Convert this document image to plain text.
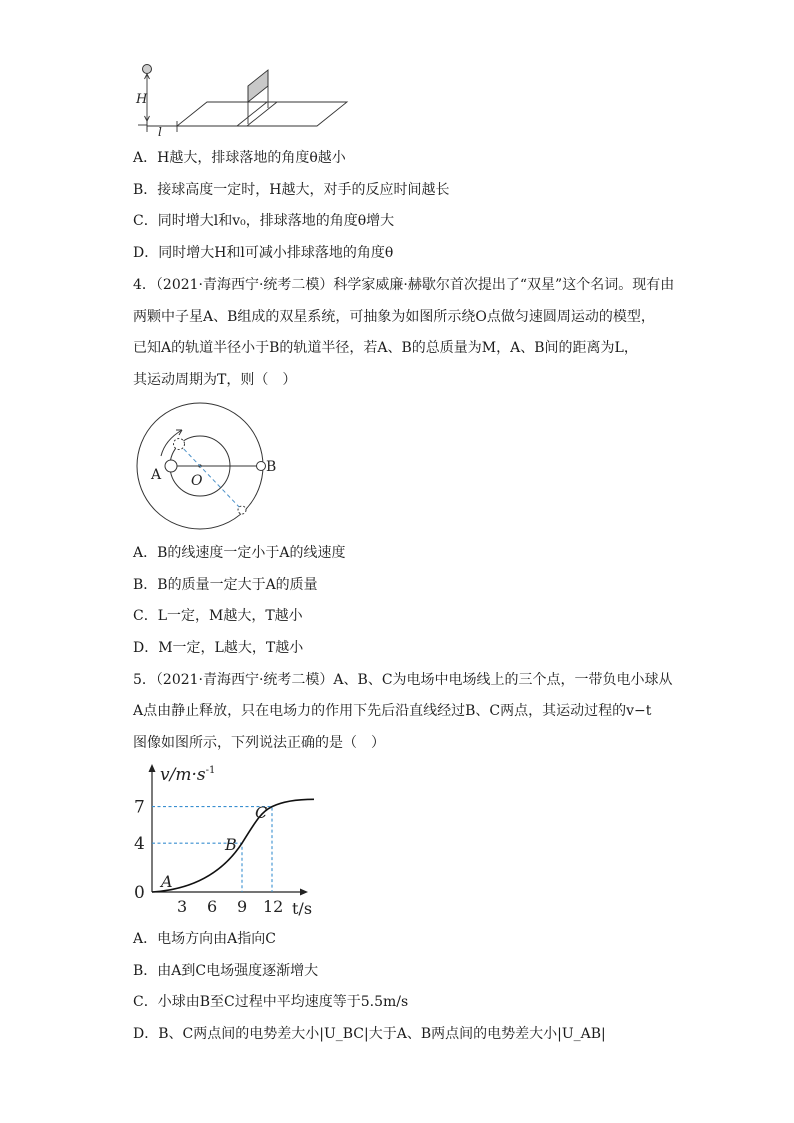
H
l
A．H越大，排球落地的角度θ越小
B．接球高度一定时，H越大，对手的反应时间越长
C．同时增大l和v₀，排球落地的角度θ增大
D．同时增大H和l可减小排球落地的角度θ
4．（2021·青海西宁·统考二模）科学家威廉·赫歇尔首次提出了“双星”这个名词。现有由
两颗中子星A、B组成的双星系统，可抽象为如图所示绕O点做匀速圆周运动的模型，
已知A的轨道半径小于B的轨道半径，若A、B的总质量为M，A、B间的距离为L，
其运动周期为T，则（　）
A	B
O
A．B的线速度一定小于A的线速度
B．B的质量一定大于A的质量
C．L一定，M越大，T越小
D．M一定，L越大，T越小
5．（2021·青海西宁·统考二模）A、B、C为电场中电场线上的三个点，一带负电小球从
A点由静止释放，只在电场力的作用下先后沿直线经过B、C两点，其运动过程的v−t
图像如图所示，下列说法正确的是（　）
$v/m\cdot s^{-1}$
t/s
3 6 9 12
7
4
0
A
B
C
A．电场方向由A指向C
B．由A到C电场强度逐渐增大
C．小球由B至C过程中平均速度等于5.5m/s
D．B、C两点间的电势差大小|U_BC|大于A、B两点间的电势差大小|U_AB|
